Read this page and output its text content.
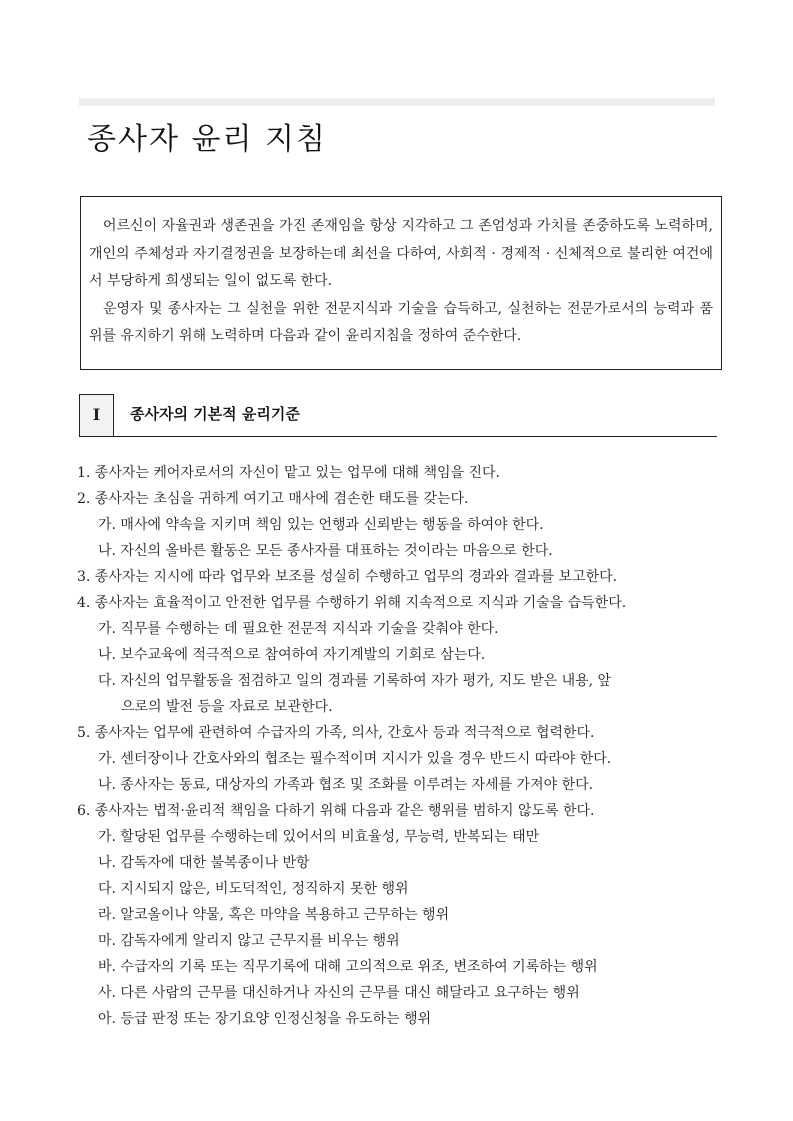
종사자 윤리 지침

어르신이 자율권과 생존권을 가진 존재임을 항상 지각하고 그 존엄성과 가치를 존중하도록 노력하며, 개인의 주체성과 자기결정권을 보장하는데 최선을 다하여, 사회적 · 경제적 · 신체적으로 불리한 여건에서 부당하게 희생되는 일이 없도록 한다.

운영자 및 종사자는 그 실천을 위한 전문지식과 기술을 습득하고, 실천하는 전문가로서의 능력과 품위를 유지하기 위해 노력하며 다음과 같이 윤리지침을 정하여 준수한다.

I	종사자의 기본적 윤리기준
1. 종사자는 케어자로서의 자신이 맡고 있는 업무에 대해 책임을 진다.
2. 종사자는 초심을 귀하게 여기고 매사에 겸손한 태도를 갖는다.
가. 매사에 약속을 지키며 책임 있는 언행과 신뢰받는 행동을 하여야 한다.
나. 자신의 올바른 활동은 모든 종사자를 대표하는 것이라는 마음으로 한다.
3. 종사자는 지시에 따라 업무와 보조를 성실히 수행하고 업무의 경과와 결과를 보고한다.
4. 종사자는 효율적이고 안전한 업무를 수행하기 위해 지속적으로 지식과 기술을 습득한다.
가. 직무를 수행하는 데 필요한 전문적 지식과 기술을 갖춰야 한다.
나. 보수교육에 적극적으로 참여하여 자기계발의 기회로 삼는다.
다. 자신의 업무활동을 점검하고 일의 경과를 기록하여 자가 평가, 지도 받은 내용, 앞
으로의 발전 등을 자료로 보관한다.
5. 종사자는 업무에 관련하여 수급자의 가족, 의사, 간호사 등과 적극적으로 협력한다.
가. 센터장이나 간호사와의 협조는 필수적이며 지시가 있을 경우 반드시 따라야 한다.
나. 종사자는 동료, 대상자의 가족과 협조 및 조화를 이루려는 자세를 가져야 한다.
6. 종사자는 법적·윤리적 책임을 다하기 위해 다음과 같은 행위를 범하지 않도록 한다.
가. 할당된 업무를 수행하는데 있어서의 비효율성, 무능력, 반복되는 태만
나. 감독자에 대한 불복종이나 반항
다. 지시되지 않은, 비도덕적인, 정직하지 못한 행위
라. 알코올이나 약물, 혹은 마약을 복용하고 근무하는 행위
마. 감독자에게 알리지 않고 근무지를 비우는 행위
바. 수급자의 기록 또는 직무기록에 대해 고의적으로 위조, 변조하여 기록하는 행위
사. 다른 사람의 근무를 대신하거나 자신의 근무를 대신 해달라고 요구하는 행위
아. 등급 판정 또는 장기요양 인정신청을 유도하는 행위
